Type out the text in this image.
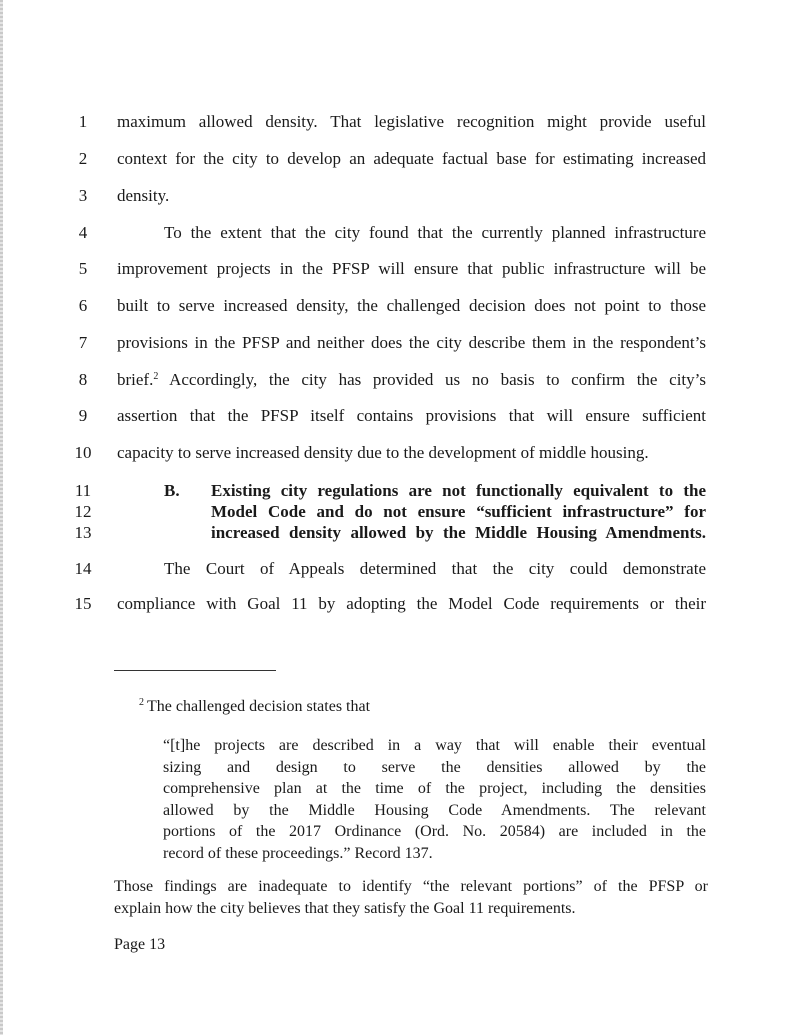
1	maximum allowed density. That legislative recognition might provide useful
2	context for the city to develop an adequate factual base for estimating increased
3	density.
4	To the extent that the city found that the currently planned infrastructure
5	improvement projects in the PFSP will ensure that public infrastructure will be
6	built to serve increased density, the challenged decision does not point to those
7	provisions in the PFSP and neither does the city describe them in the respondent’s
8	brief.$^2$ Accordingly, the city has provided us no basis to confirm the city’s
9	assertion that the PFSP itself contains provisions that will ensure sufficient
10	capacity to serve increased density due to the development of middle housing.
B.
11	Existing city regulations are not functionally equivalent to the
12	Model Code and do not ensure “sufficient infrastructure” for
13	increased density allowed by the Middle Housing Amendments.
14	The Court of Appeals determined that the city could demonstrate
15	compliance with Goal 11 by adopting the Model Code requirements or their
$^2$ The challenged decision states that
“[t]he projects are described in a way that will enable their eventual
sizing and design to serve the densities allowed by the
comprehensive plan at the time of the project, including the densities
allowed by the Middle Housing Code Amendments. The relevant
portions of the 2017 Ordinance (Ord. No. 20584) are included in the
record of these proceedings.” Record 137.
Those findings are inadequate to identify “the relevant portions” of the PFSP or
explain how the city believes that they satisfy the Goal 11 requirements.
Page 13
